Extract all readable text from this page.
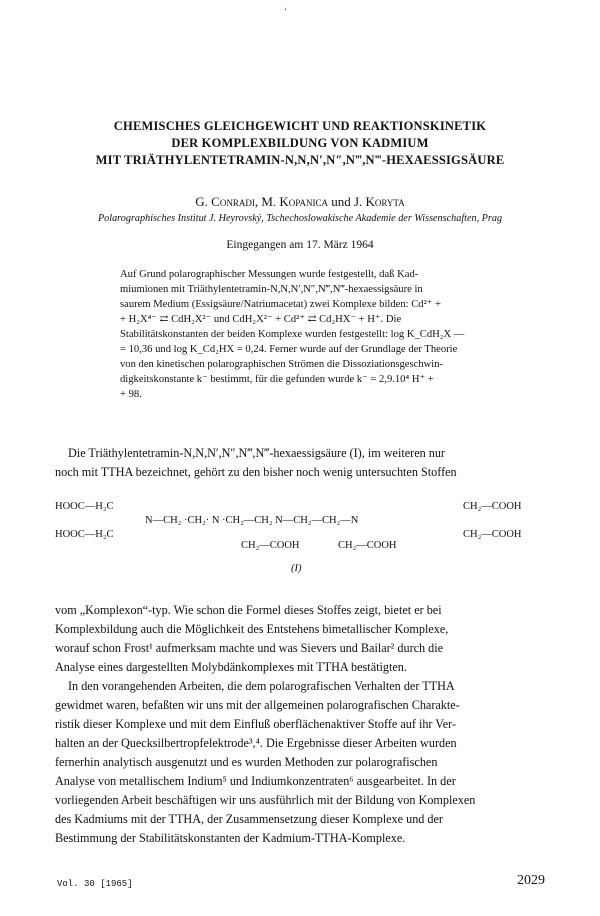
‘
CHEMISCHES GLEICHGEWICHT UND REAKTIONSKINETIK
DER KOMPLEXBILDUNG VON KADMIUM
MIT TRIÄTHYLENTETRAMIN-N,N,N′,N″,N‴,N‴-HEXAESSIGSÄURE
G. Conradi, M. Kopanica und J. Koryta
Polarographisches Institut J. Heyrovský, Tschechoslowakische Akademie der Wissenschaften, Prag
Eingegangen am 17. März 1964
Auf Grund polarographischer Messungen wurde festgestellt, daß Kad-
miumionen mit Triäthylentetramin-N,N,N′,N″,N‴,N‴-hexaessigsäure in
saurem Medium (Essigsäure/Natriumacetat) zwei Komplexe bilden: Cd²⁺ +
+ H₂X⁴⁻ ⇄ CdH₂X²⁻ und CdH₂X²⁻ + Cd²⁺ ⇄ Cd₂HX⁻ + H⁺. Die
Stabilitätskonstanten der beiden Komplexe wurden festgestellt: log K_CdH₂X —
= 10,36 und log K_Cd₂HX = 0,24. Ferner wurde auf der Grundlage der Theorie
von den kinetischen polarographischen Strömen die Dissoziationsgeschwin-
digkeitskonstante k⁻ bestimmt, für die gefunden wurde k⁻ = 2,9.10⁴ H⁺ +
+ 98.
Die Triäthylentetramin-N,N,N′,N″,N‴,N‴-hexaessigsäure (I), im weiteren nur
noch mit TTHA bezeichnet, gehört zu den bisher noch wenig untersuchten Stoffen
HOOC—H₂C
HOOC—H₂C
N—CH₂ ·CH₂· N ·CH₂—CH₂ N—CH₂—CH₂—N
CH₂—COOH
CH₂—COOH
CH₂—COOH	CH₂—COOH
(I)
vom „Komplexon“-typ. Wie schon die Formel dieses Stoffes zeigt, bietet er bei
Komplexbildung auch die Möglichkeit des Entstehens bimetallischer Komplexe,
worauf schon Frost¹ aufmerksam machte und was Sievers und Bailar² durch die
Analyse eines dargestellten Molybdänkomplexes mit TTHA bestätigten.
In den vorangehenden Arbeiten, die dem polarografischen Verhalten der TTHA
gewidmet waren, befaßten wir uns mit der allgemeinen polarografischen Charakte-
ristik dieser Komplexe und mit dem Einfluß oberflächenaktiver Stoffe auf ihr Ver-
halten an der Quecksilbertropfelektrode³,⁴. Die Ergebnisse dieser Arbeiten wurden
fernerhin analytisch ausgenutzt und es wurden Methoden zur polarografischen
Analyse von metallischem Indium⁵ und Indiumkonzentraten⁶ ausgearbeitet. In der
vorliegenden Arbeit beschäftigen wir uns ausführlich mit der Bildung von Komplexen
des Kadmiums mit der TTHA, der Zusammensetzung dieser Komplexe und der
Bestimmung der Stabilitätskonstanten der Kadmium-TTHA-Komplexe.
Vol. 30 [1965]	2029
